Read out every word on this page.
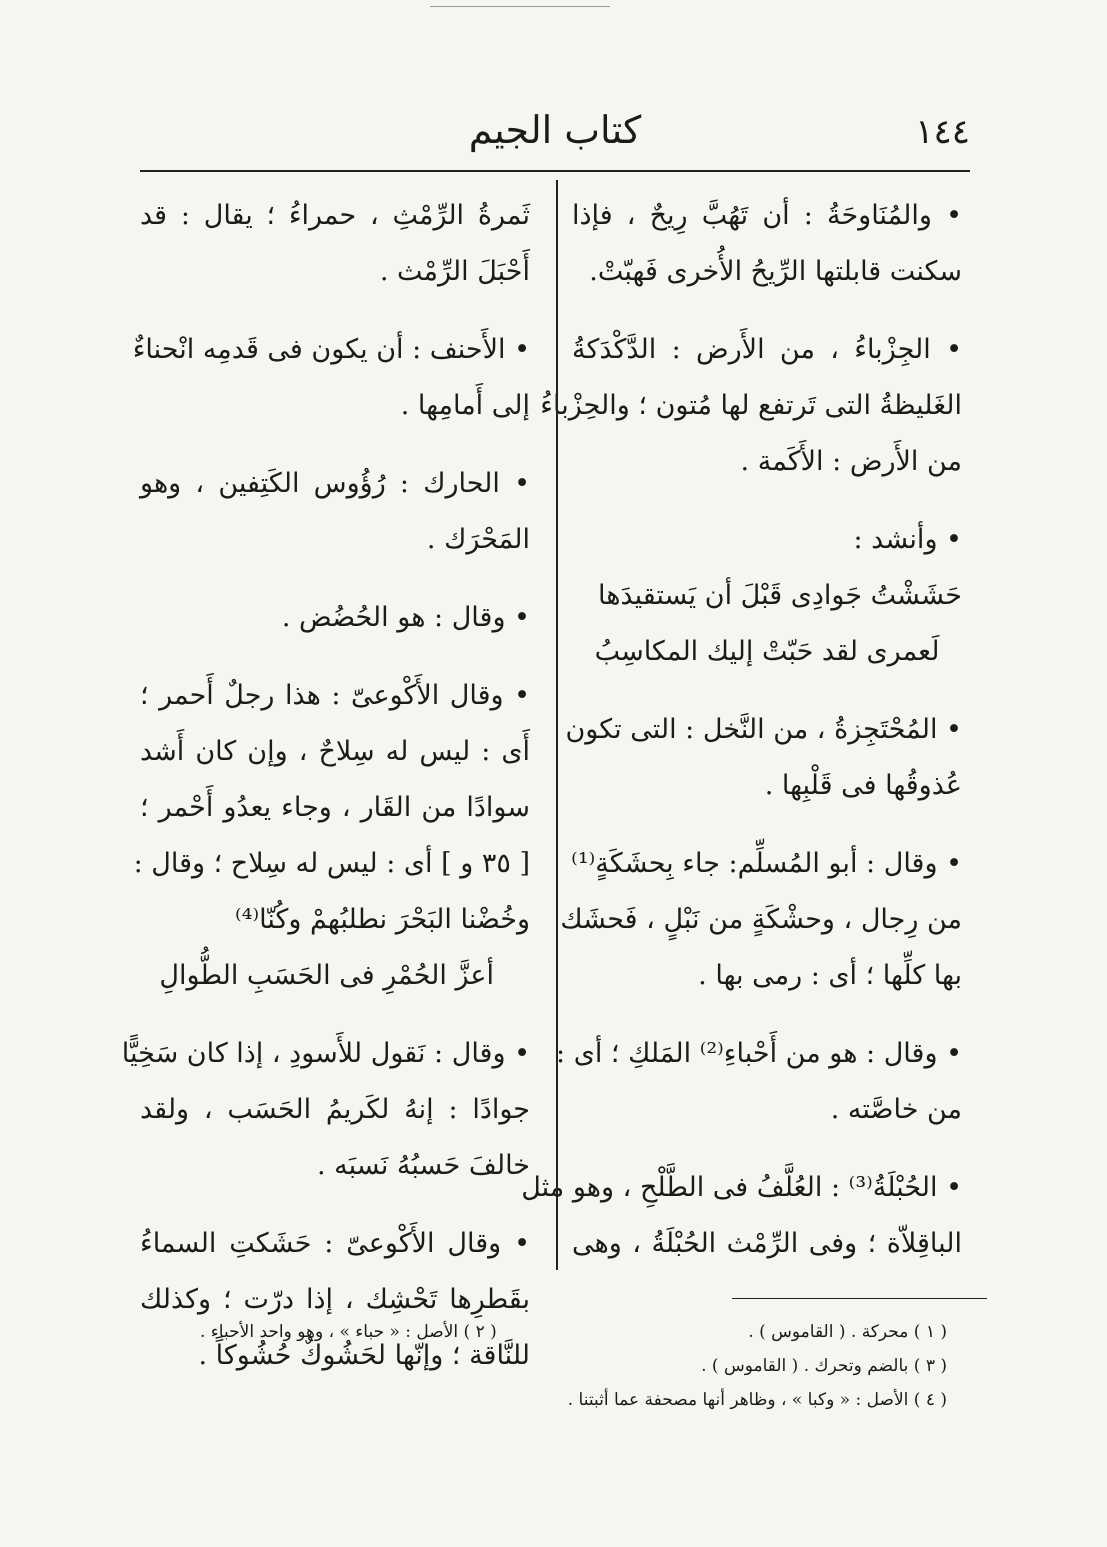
١٤٤
كتاب الجيم
• والمُنَاوحَةُ : أن تَهُبَّ رِيحٌ ، فإذا
سكنت قابلتها الرِّيحُ الأُخرى فَهبّتْ.
• الجِزْباءُ ، من الأَرض : الدَّكْدَكةُ
الغَليظةُ التى تَرتفع لها مُتون ؛ والحِزْباءُ
من الأَرض : الأَكَمة .
• وأنشد :
حَشَشْتُ جَوادِى قَبْلَ أن يَستقيدَها
لَعمرى لقد حَبّتْ إليك المكاسِبُ
• المُحْتَجِزةُ ، من النَّخل : التى تكون
عُذوقُها فى قَلْبِها .
• وقال : أبو المُسلِّم: جاء بِحشَكَةٍ⁽¹⁾
من رِجال ، وحشْكَةٍ من نَبْلٍ ، فَحشَك
بها كلِّها ؛ أى : رمى بها .
• وقال : هو من أَحْباءِ⁽²⁾ المَلكِ ؛ أى :
من خاصَّته .
• الحُبْلَةُ⁽³⁾ : العُلَّفُ فى الطَّلْحِ ، وهو مثل
الباقِلاّة ؛ وفى الرِّمْث الحُبْلَةُ ، وهى
ثَمرةُ الرِّمْثِ ، حمراءُ ؛ يقال : قد
أَحْبَلَ الرِّمْث .
• الأَحنف : أن يكون فى قَدمِه انْحناءٌ
إلى أَمامِها .
• الحارك : رُؤُوس الكَتِفين ، وهو
المَحْرَك .
• وقال : هو الحُضُض .
• وقال الأَكْوعىّ : هذا رجلٌ أَحمر ؛
أَى : ليس له سِلاحٌ ، وإن كان أَشد
سوادًا من القَار ، وجاء يعدُو أَحْمر ؛
[ ٣٥ و ] أى : ليس له سِلاح ؛ وقال :
وخُضْنا البَحْرَ نطلبُهمْ وكُنّا⁽⁴⁾
أعزَّ الحُمْرِ فى الحَسَبِ الطُّوالِ
• وقال : نَقول للأَسودِ ، إذا كان سَخِيًّا
جوادًا : إنهُ لكَريمُ الحَسَب ، ولقد
خالفَ حَسبُهُ نَسبَه .
• وقال الأَكْوعىّ : حَشَكتِ السماءُ
بقَطرِها تَحْشِك ، إذا درّت ؛ وكذلك
للنَّاقة ؛ وإنّها لحَشُوكٌ حُشُوكاً .
( ١ ) محركة . ( القاموس ) .
( ٣ ) بالضم وتحرك . ( القاموس ) .
( ٤ ) الأصل : « وكبا » ، وظاهر أنها مصحفة عما أثبتنا .
( ٢ ) الأصل : « حباء » ، وهو واحد الأحباء .
